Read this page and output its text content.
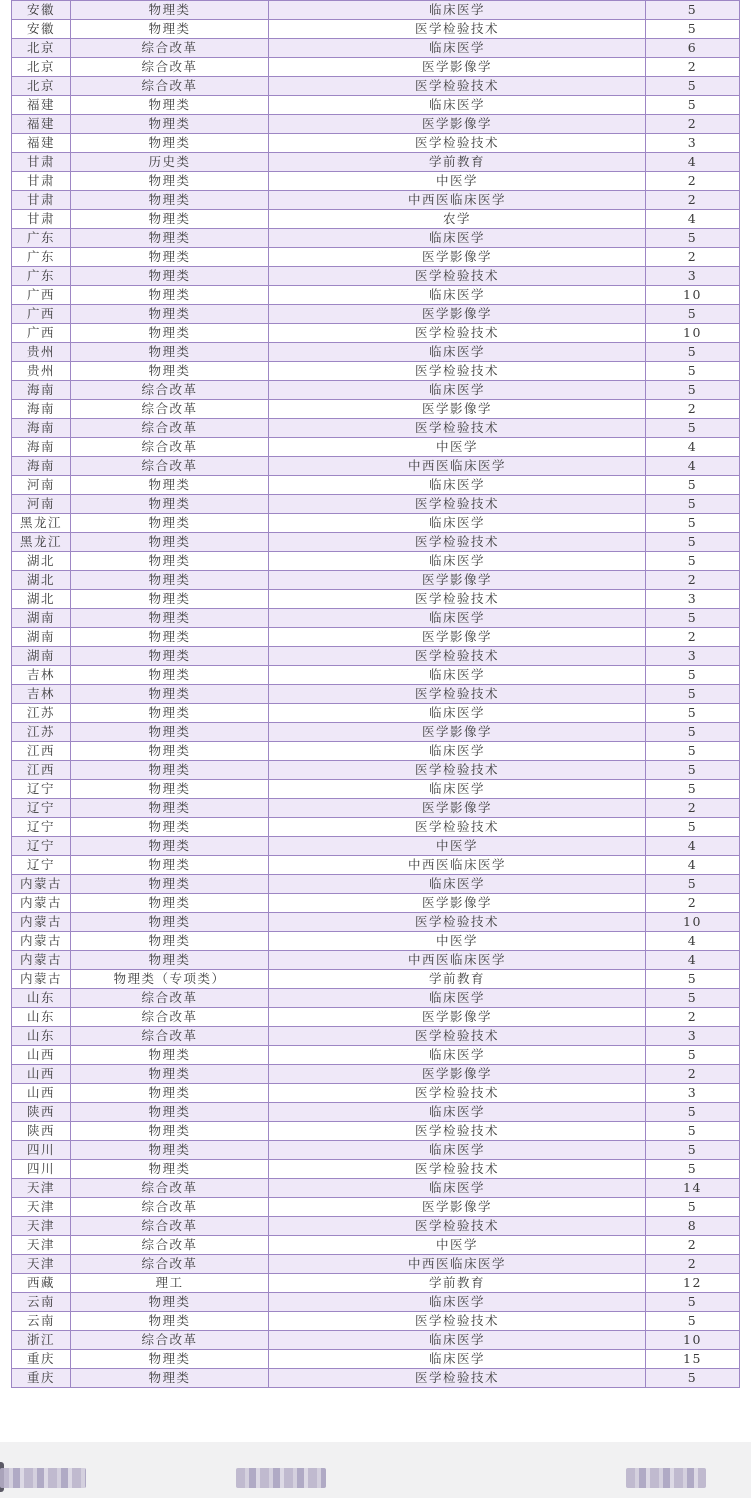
安徽	物理类	临床医学	5
安徽	物理类	医学检验技术	5
北京	综合改革	临床医学	6
北京	综合改革	医学影像学	2
北京	综合改革	医学检验技术	5
福建	物理类	临床医学	5
福建	物理类	医学影像学	2
福建	物理类	医学检验技术	3
甘肃	历史类	学前教育	4
甘肃	物理类	中医学	2
甘肃	物理类	中西医临床医学	2
甘肃	物理类	农学	4
广东	物理类	临床医学	5
广东	物理类	医学影像学	2
广东	物理类	医学检验技术	3
广西	物理类	临床医学	10
广西	物理类	医学影像学	5
广西	物理类	医学检验技术	10
贵州	物理类	临床医学	5
贵州	物理类	医学检验技术	5
海南	综合改革	临床医学	5
海南	综合改革	医学影像学	2
海南	综合改革	医学检验技术	5
海南	综合改革	中医学	4
海南	综合改革	中西医临床医学	4
河南	物理类	临床医学	5
河南	物理类	医学检验技术	5
黑龙江	物理类	临床医学	5
黑龙江	物理类	医学检验技术	5
湖北	物理类	临床医学	5
湖北	物理类	医学影像学	2
湖北	物理类	医学检验技术	3
湖南	物理类	临床医学	5
湖南	物理类	医学影像学	2
湖南	物理类	医学检验技术	3
吉林	物理类	临床医学	5
吉林	物理类	医学检验技术	5
江苏	物理类	临床医学	5
江苏	物理类	医学影像学	5
江西	物理类	临床医学	5
江西	物理类	医学检验技术	5
辽宁	物理类	临床医学	5
辽宁	物理类	医学影像学	2
辽宁	物理类	医学检验技术	5
辽宁	物理类	中医学	4
辽宁	物理类	中西医临床医学	4
内蒙古	物理类	临床医学	5
内蒙古	物理类	医学影像学	2
内蒙古	物理类	医学检验技术	10
内蒙古	物理类	中医学	4
内蒙古	物理类	中西医临床医学	4
内蒙古	物理类（专项类）	学前教育	5
山东	综合改革	临床医学	5
山东	综合改革	医学影像学	2
山东	综合改革	医学检验技术	3
山西	物理类	临床医学	5
山西	物理类	医学影像学	2
山西	物理类	医学检验技术	3
陕西	物理类	临床医学	5
陕西	物理类	医学检验技术	5
四川	物理类	临床医学	5
四川	物理类	医学检验技术	5
天津	综合改革	临床医学	14
天津	综合改革	医学影像学	5
天津	综合改革	医学检验技术	8
天津	综合改革	中医学	2
天津	综合改革	中西医临床医学	2
西藏	理工	学前教育	12
云南	物理类	临床医学	5
云南	物理类	医学检验技术	5
浙江	综合改革	临床医学	10
重庆	物理类	临床医学	15
重庆	物理类	医学检验技术	5
